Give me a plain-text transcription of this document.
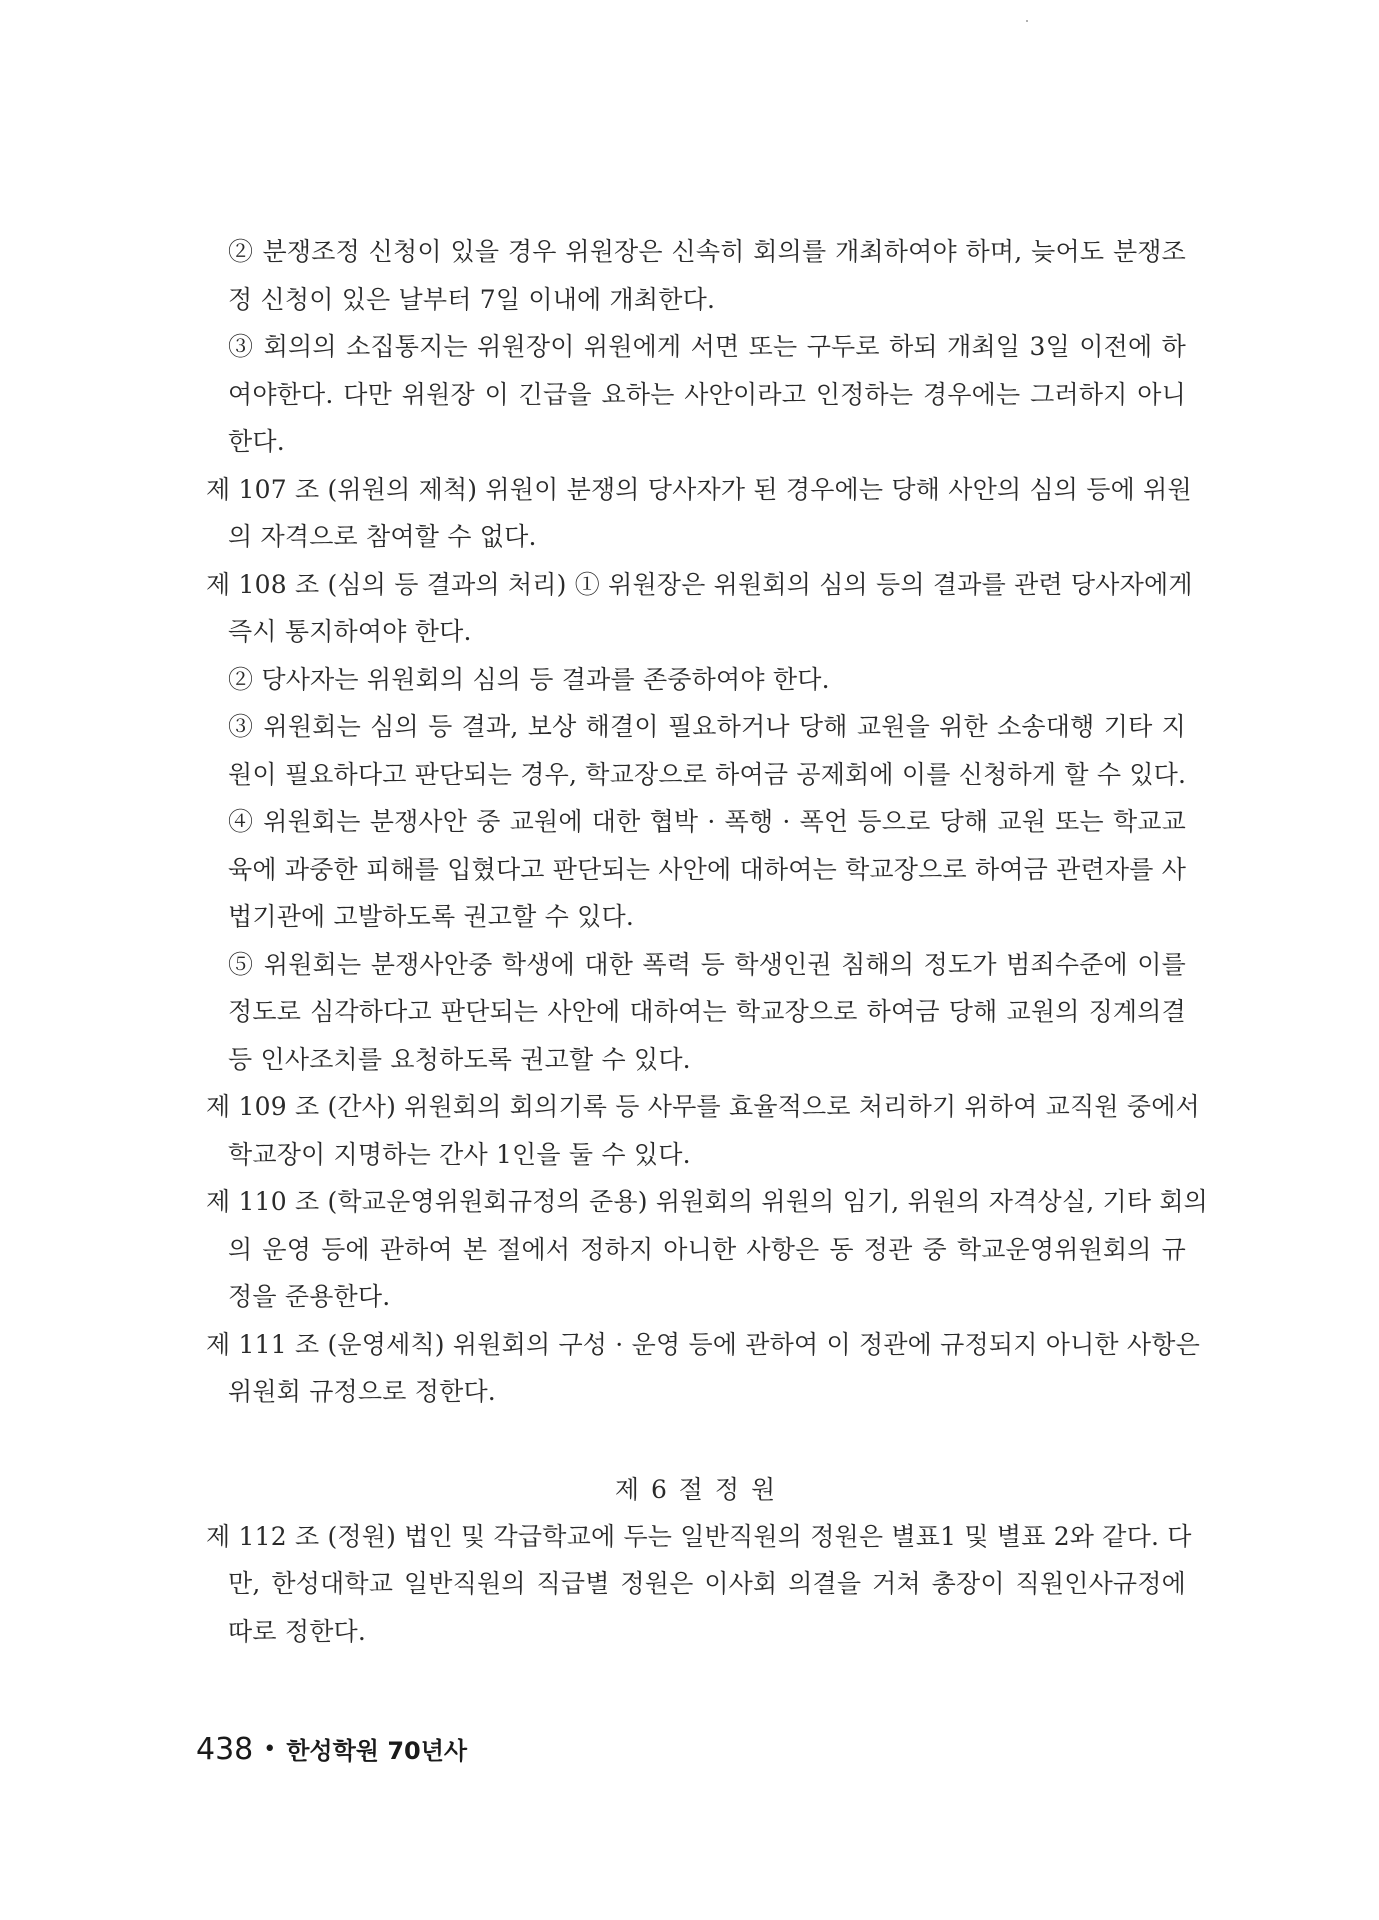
② 분쟁조정 신청이 있을 경우 위원장은 신속히 회의를 개최하여야 하며, 늦어도 분쟁조
정 신청이 있은 날부터 7일 이내에 개최한다.
③ 회의의 소집통지는 위원장이 위원에게 서면 또는 구두로 하되 개최일 3일 이전에 하
여야한다. 다만 위원장 이 긴급을 요하는 사안이라고 인정하는 경우에는 그러하지 아니
한다.
제 107 조 (위원의 제척) 위원이 분쟁의 당사자가 된 경우에는 당해 사안의 심의 등에 위원
의 자격으로 참여할 수 없다.
제 108 조 (심의 등 결과의 처리) ① 위원장은 위원회의 심의 등의 결과를 관련 당사자에게
즉시 통지하여야 한다.
② 당사자는 위원회의 심의 등 결과를 존중하여야 한다.
③ 위원회는 심의 등 결과, 보상 해결이 필요하거나 당해 교원을 위한 소송대행 기타 지
원이 필요하다고 판단되는 경우, 학교장으로 하여금 공제회에 이를 신청하게 할 수 있다.
④ 위원회는 분쟁사안 중 교원에 대한 협박 · 폭행 · 폭언 등으로 당해 교원 또는 학교교
육에 과중한 피해를 입혔다고 판단되는 사안에 대하여는 학교장으로 하여금 관련자를 사
법기관에 고발하도록 권고할 수 있다.
⑤ 위원회는 분쟁사안중 학생에 대한 폭력 등 학생인권 침해의 정도가 범죄수준에 이를
정도로 심각하다고 판단되는 사안에 대하여는 학교장으로 하여금 당해 교원의 징계의결
등 인사조치를 요청하도록 권고할 수 있다.
제 109 조 (간사) 위원회의 회의기록 등 사무를 효율적으로 처리하기 위하여 교직원 중에서
학교장이 지명하는 간사 1인을 둘 수 있다.
제 110 조 (학교운영위원회규정의 준용) 위원회의 위원의 임기, 위원의 자격상실, 기타 회의
의 운영 등에 관하여 본 절에서 정하지 아니한 사항은 동 정관 중 학교운영위원회의 규
정을 준용한다.
제 111 조 (운영세칙) 위원회의 구성 · 운영 등에 관하여 이 정관에 규정되지 아니한 사항은
위원회 규정으로 정한다.
제 6 절 정 원
제 112 조 (정원) 법인 및 각급학교에 두는 일반직원의 정원은 별표1 및 별표 2와 같다. 다
만, 한성대학교 일반직원의 직급별 정원은 이사회 의결을 거쳐 총장이 직원인사규정에
따로 정한다.
438 • 한성학원 70년사
